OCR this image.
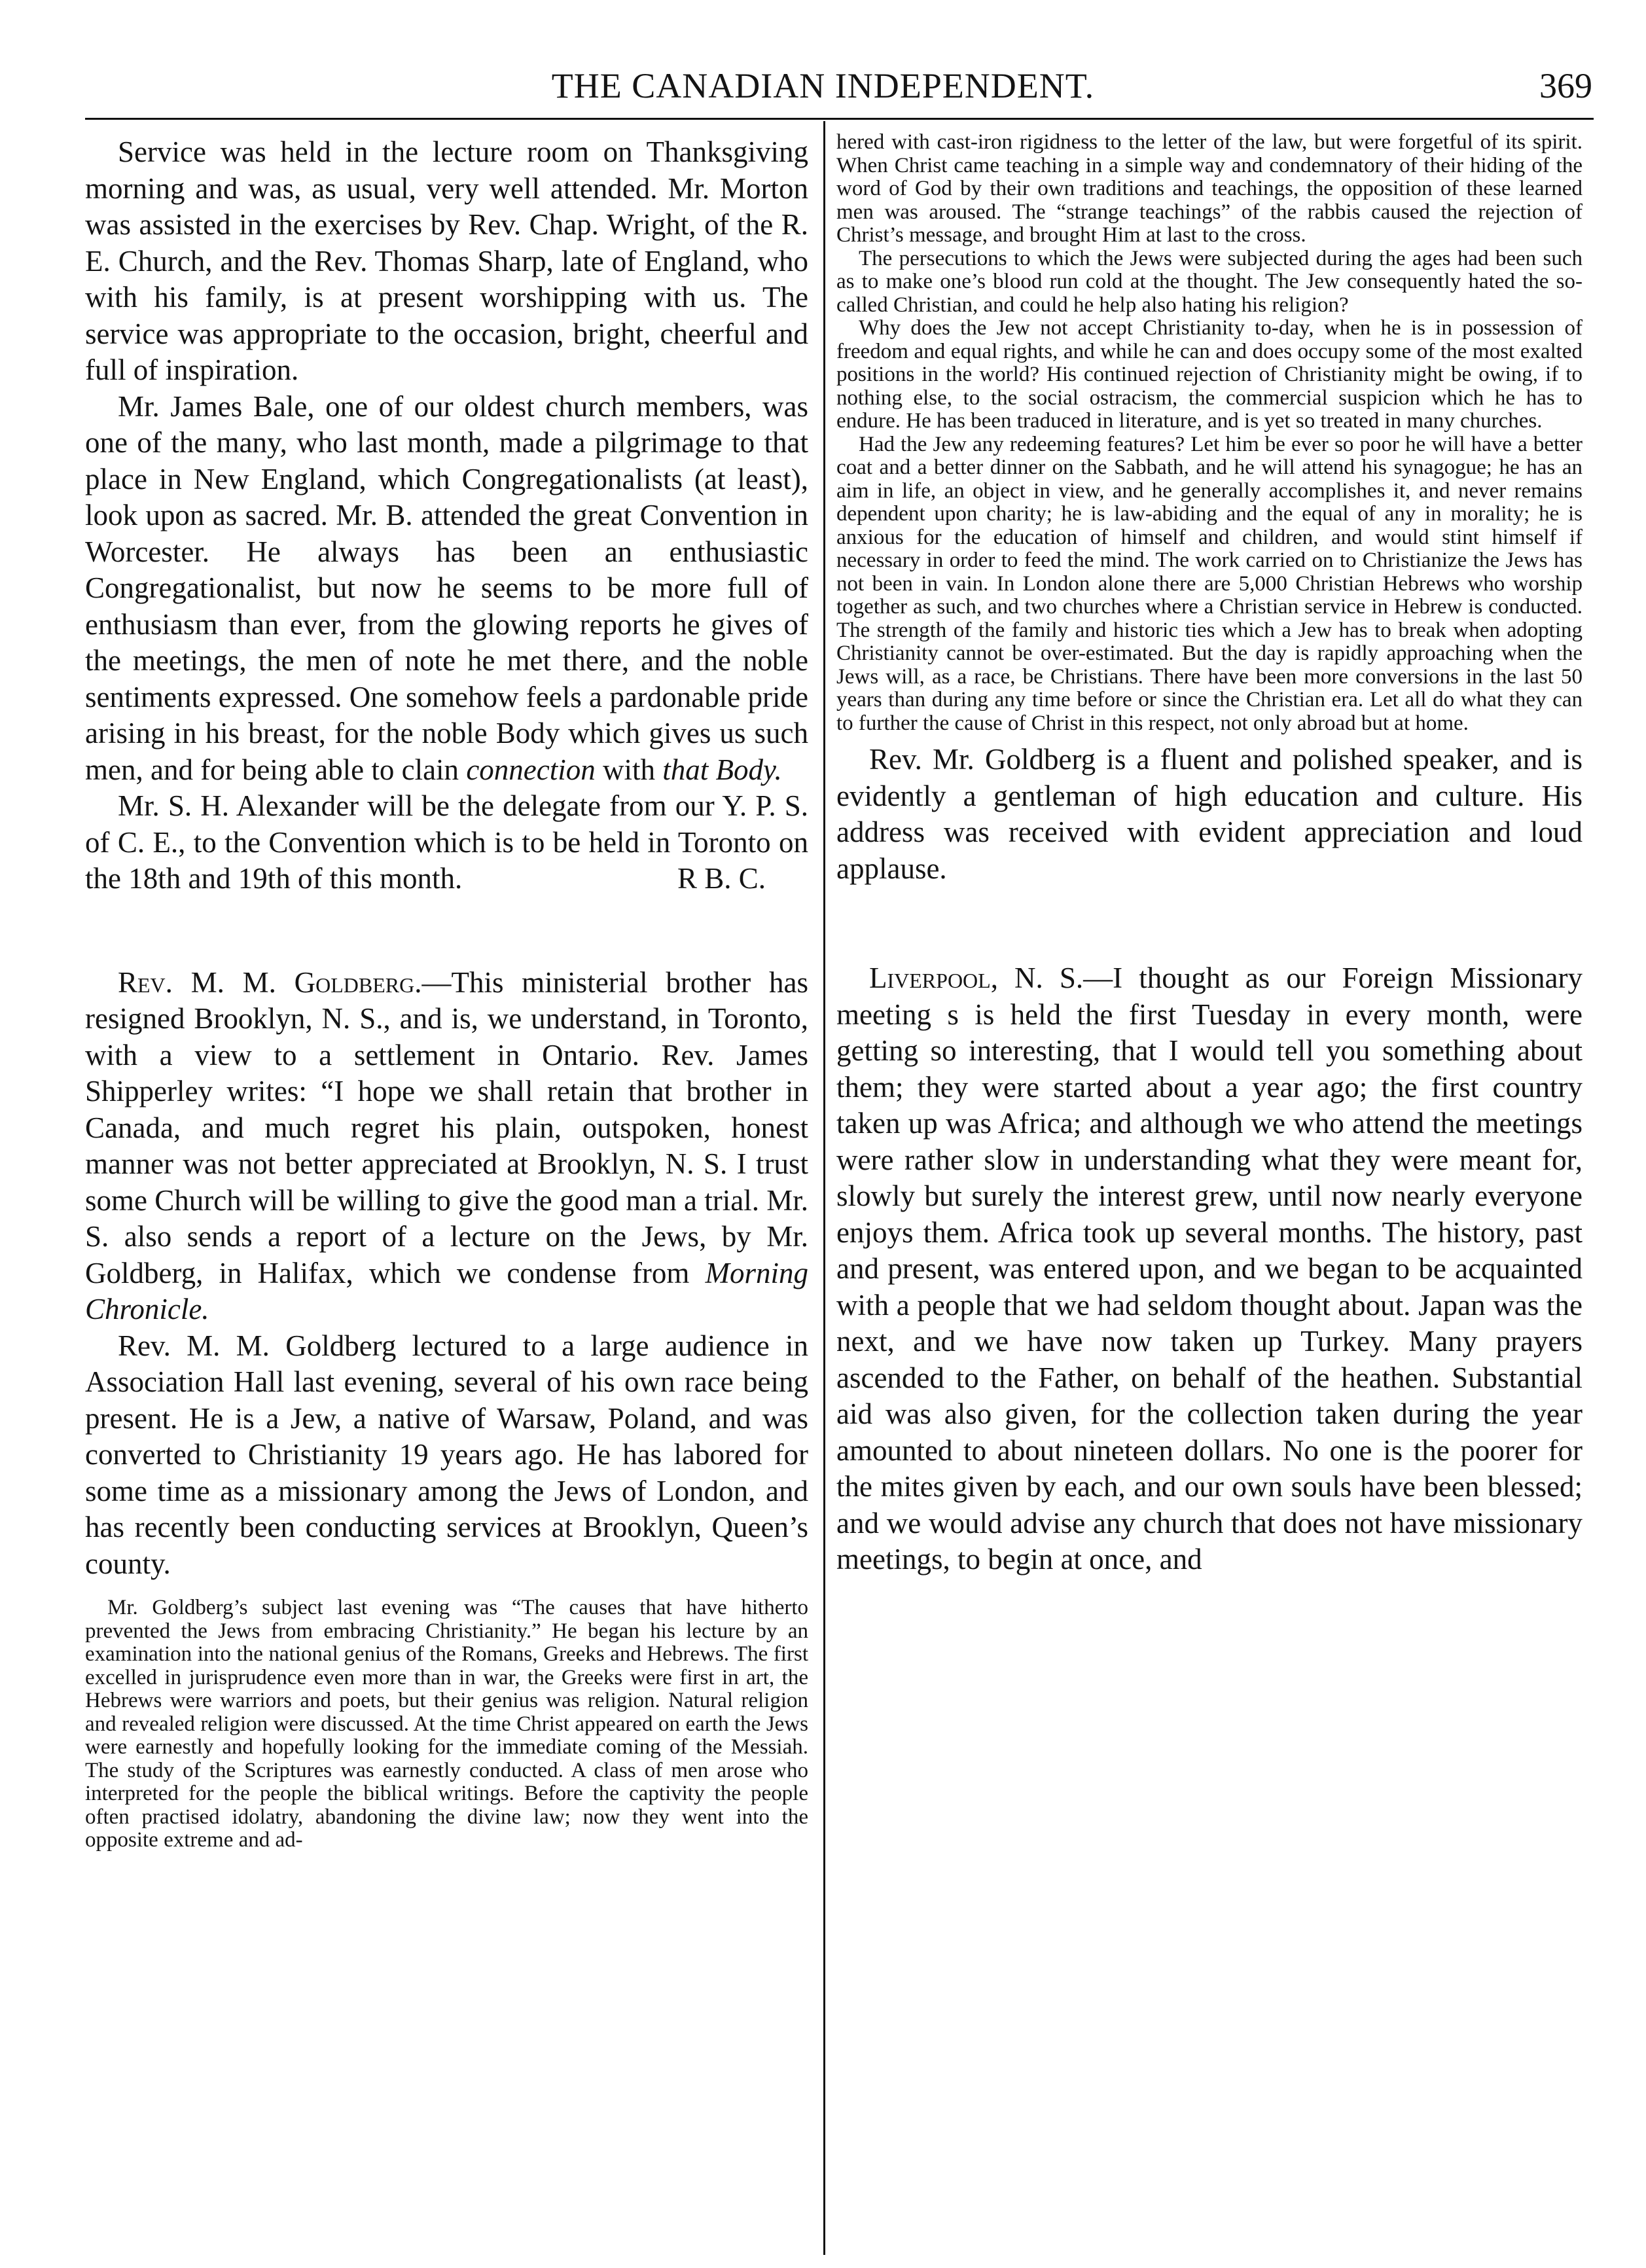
THE CANADIAN INDEPENDENT.	369

Service was held in the lecture room on Thanksgiving morning and was, as usual, very well attended. Mr. Morton was assisted in the exercises by Rev. Chap. Wright, of the R. E. Church, and the Rev. Thomas Sharp, late of England, who with his family, is at present worshipping with us. The service was appropriate to the occasion, bright, cheerful and full of inspiration.

Mr. James Bale, one of our oldest church members, was one of the many, who last month, made a pilgrimage to that place in New England, which Congregationalists (at least), look upon as sacred. Mr. B. attended the great Convention in Worcester. He always has been an enthusiastic Congregationalist, but now he seems to be more full of enthusiasm than ever, from the glowing reports he gives of the meetings, the men of note he met there, and the noble sentiments expressed. One somehow feels a pardonable pride arising in his breast, for the noble Body which gives us such men, and for being able to clain connection with that Body.

Mr. S. H. Alexander will be the delegate from our Y. P. S. of C. E., to the Convention which is to be held in Toronto on the 18th and 19th of this month.	R B. C.

Rev. M. M. Goldberg.—This ministerial brother has resigned Brooklyn, N. S., and is, we understand, in Toronto, with a view to a settlement in Ontario. Rev. James Shipperley writes: “I hope we shall retain that brother in Canada, and much regret his plain, outspoken, honest manner was not better appreciated at Brooklyn, N. S. I trust some Church will be willing to give the good man a trial. Mr. S. also sends a report of a lecture on the Jews, by Mr. Goldberg, in Halifax, which we condense from Morning Chronicle.

Rev. M. M. Goldberg lectured to a large audience in Association Hall last evening, several of his own race being present. He is a Jew, a native of Warsaw, Poland, and was converted to Christianity 19 years ago. He has labored for some time as a missionary among the Jews of London, and has recently been conducting services at Brooklyn, Queen’s county.

Mr. Goldberg’s subject last evening was “The causes that have hitherto prevented the Jews from embracing Christianity.” He began his lecture by an examination into the national genius of the Romans, Greeks and Hebrews. The first excelled in jurisprudence even more than in war, the Greeks were first in art, the Hebrews were warriors and poets, but their genius was religion. Natural religion and revealed religion were discussed. At the time Christ appeared on earth the Jews were earnestly and hopefully looking for the immediate coming of the Messiah. The study of the Scriptures was earnestly conducted. A class of men arose who interpreted for the people the biblical writings. Before the captivity the people often practised idolatry, abandoning the divine law; now they went into the opposite extreme and ad-

hered with cast-iron rigidness to the letter of the law, but were forgetful of its spirit. When Christ came teaching in a simple way and condemnatory of their hiding of the word of God by their own traditions and teachings, the opposition of these learned men was aroused. The “strange teachings” of the rabbis caused the rejection of Christ’s message, and brought Him at last to the cross.

The persecutions to which the Jews were subjected during the ages had been such as to make one’s blood run cold at the thought. The Jew consequently hated the so-called Christian, and could he help also hating his religion?

Why does the Jew not accept Christianity to-day, when he is in possession of freedom and equal rights, and while he can and does occupy some of the most exalted positions in the world? His continued rejection of Christianity might be owing, if to nothing else, to the social ostracism, the commercial suspicion which he has to endure. He has been traduced in literature, and is yet so treated in many churches.

Had the Jew any redeeming features? Let him be ever so poor he will have a better coat and a better dinner on the Sabbath, and he will attend his synagogue; he has an aim in life, an object in view, and he generally accomplishes it, and never remains dependent upon charity; he is law-abiding and the equal of any in morality; he is anxious for the education of himself and children, and would stint himself if necessary in order to feed the mind. The work carried on to Christianize the Jews has not been in vain. In London alone there are 5,000 Christian Hebrews who worship together as such, and two churches where a Christian service in Hebrew is conducted. The strength of the family and historic ties which a Jew has to break when adopting Christianity cannot be over-estimated. But the day is rapidly approaching when the Jews will, as a race, be Christians. There have been more conversions in the last 50 years than during any time before or since the Christian era. Let all do what they can to further the cause of Christ in this respect, not only abroad but at home.

Rev. Mr. Goldberg is a fluent and polished speaker, and is evidently a gentleman of high education and culture. His address was received with evident appreciation and loud applause.

Liverpool, N. S.—I thought as our Foreign Missionary meeting s is held the first Tuesday in every month, were getting so interesting, that I would tell you something about them; they were started about a year ago; the first country taken up was Africa; and although we who attend the meetings were rather slow in understanding what they were meant for, slowly but surely the interest grew, until now nearly everyone enjoys them. Africa took up several months. The history, past and present, was entered upon, and we began to be acquainted with a people that we had seldom thought about. Japan was the next, and we have now taken up Turkey. Many prayers ascended to the Father, on behalf of the heathen. Substantial aid was also given, for the collection taken during the year amounted to about nineteen dollars. No one is the poorer for the mites given by each, and our own souls have been blessed; and we would advise any church that does not have missionary meetings, to begin at once, and
